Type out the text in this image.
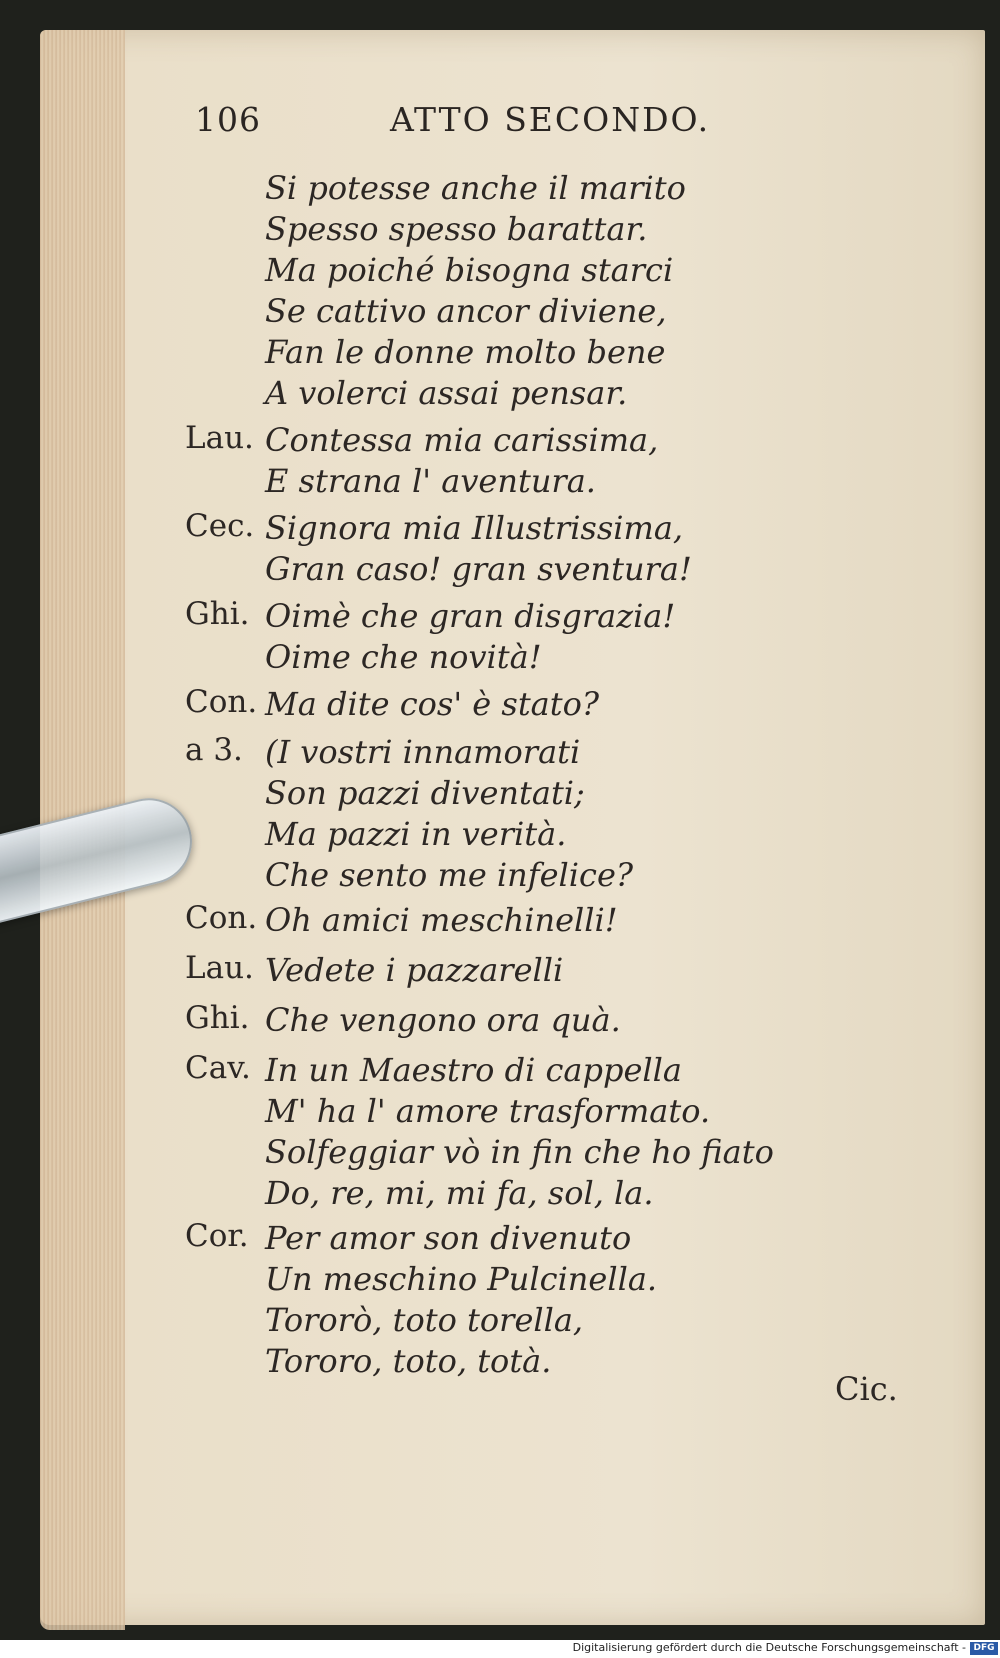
106	ATTO SECONDO.
Si potesse anche il marito
Spesso spesso barattar.
Ma poiché bisogna starci
Se cattivo ancor diviene,
Fan le donne molto bene
A volerci assai pensar.
Lau. Contessa mia carissima,
E strana l' aventura.
Cec. Signora mia Illustrissima,
Gran caso! gran sventura!
Ghi. Oimè che gran disgrazia!
Oime che novità!
Con. Ma dite cos' è stato?
a 3. (I vostri innamorati
Son pazzi diventati;
Ma pazzi in verità.
Che sento me infelice?
Con. Oh amici meschinelli!
Lau. Vedete i pazzarelli
Ghi. Che vengono ora quà.
Cav. In un Maestro di cappella
M' ha l' amore trasformato.
Solfeggiar vò in fin che ho fiato
Do, re, mi, mi fa, sol, la.
Cor. Per amor son divenuto
Un meschino Pulcinella.
Tororò, toto torella,
Tororo, toto, totà.
Cic.
Digitalisierung gefördert durch die Deutsche Forschungsgemeinschaft - DFG
